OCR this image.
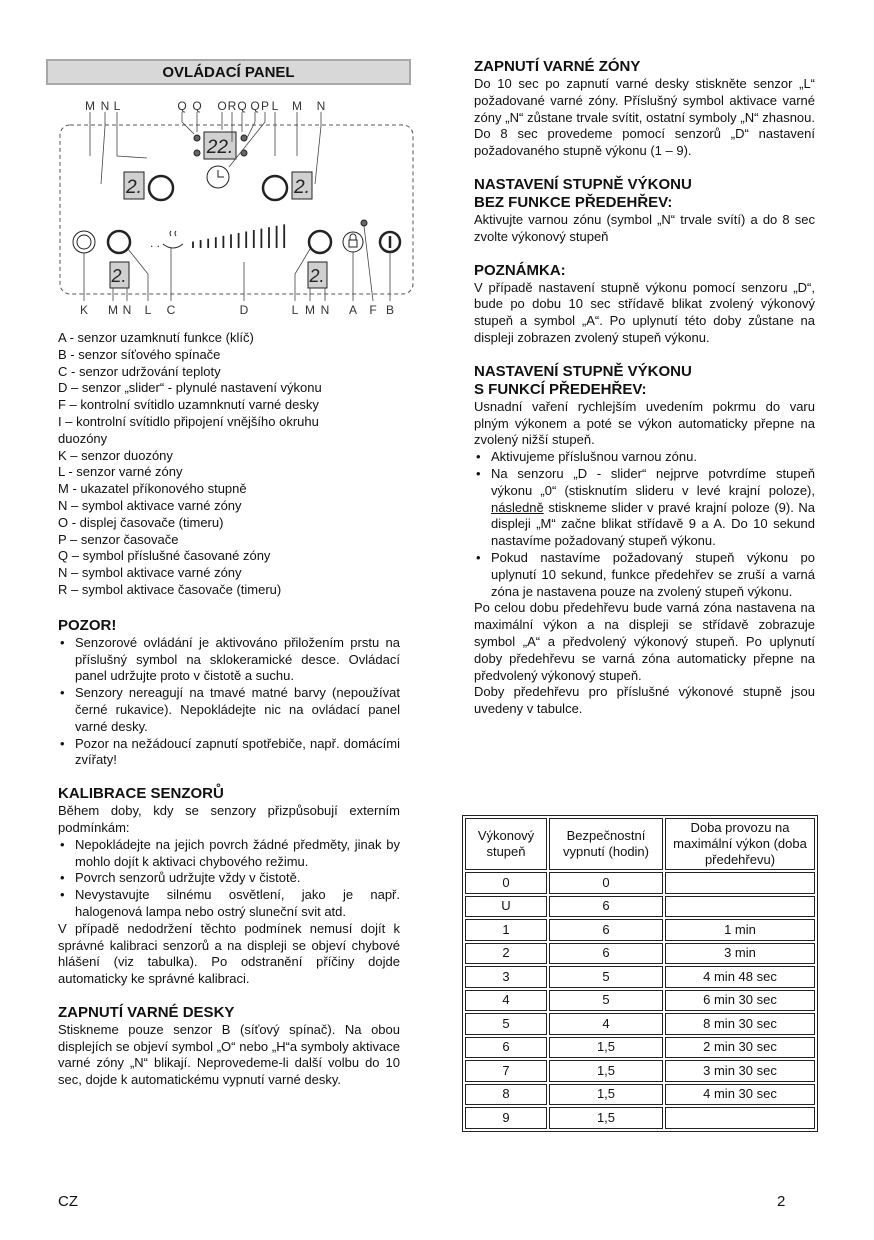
OVLÁDACÍ PANEL
M N L	Q Q O R Q Q P L M N
K M N L C	D	L M N A F B
22.
2.	2.
. .
2.	2.
A - senzor uzamknutí funkce (klíč)
B - senzor síťového spínače
C - senzor udržování teploty
D – senzor „slider“ - plynulé nastavení výkonu
F – kontrolní svítidlo uzamnknutí varné desky
I – kontrolní svítidlo připojení vnějšího okruhu duozóny
K – senzor duozóny
L - senzor varné zóny
M - ukazatel příkonového stupně
N – symbol aktivace varné zóny
O - displej časovače (timeru)
P – senzor časovače
Q – symbol příslušné časované zóny
N – symbol aktivace varné zóny
R – symbol aktivace časovače (timeru)
POZOR!
• Senzorové ovládání je aktivováno přiložením prstu na příslušný symbol na sklokeramické desce. Ovládací panel udržujte proto v čistotě a suchu.
• Senzory nereagují na tmavé matné barvy (nepoužívat černé rukavice). Nepokládejte nic na ovládací panel varné desky.
• Pozor na nežádoucí zapnutí spotřebiče, např. domácími zvířaty!
KALIBRACE SENZORŮ

Během doby, kdy se senzory přizpůsobují externím podmínkám:

• Nepokládejte na jejich povrch žádné předměty, jinak by mohlo dojít k aktivaci chybového režimu.
• Povrch senzorů udržujte vždy v čistotě.
• Nevystavujte silnému osvětlení, jako je např. halogenová lampa nebo ostrý sluneční svit atd.

V případě nedodržení těchto podmínek nemusí dojít k správné kalibraci senzorů a na displeji se objeví chybové hlášení (viz tabulka). Po odstranění příčiny dojde automaticky ke správné kalibraci.

ZAPNUTÍ VARNÉ DESKY

Stiskneme pouze senzor B (síťový spínač). Na obou displejích se objeví symbol „O“ nebo „H“a symboly aktivace varné zóny „N“ blikají. Neprovedeme-li další volbu do 10 sec, dojde k automatickému vypnutí varné desky.

ZAPNUTÍ VARNÉ ZÓNY

Do 10 sec po zapnutí varné desky stiskněte senzor „L“ požadované varné zóny. Příslušný symbol aktivace varné zóny „N“ zůstane trvale svítit, ostatní symboly „N“ zhasnou. Do 8 sec provedeme pomocí senzorů „D“ nastavení požadovaného stupně výkonu (1 – 9).

NASTAVENÍ STUPNĚ VÝKONU
BEZ FUNKCE PŘEDEHŘEV:

Aktivujte varnou zónu (symbol „N“ trvale svítí) a do 8 sec zvolte výkonový stupeň

POZNÁMKA:

V případě nastavení stupně výkonu pomocí senzoru „D“, bude po dobu 10 sec střídavě blikat zvolený výkonový stupeň a symbol „A“. Po uplynutí této doby zůstane na displeji zobrazen zvolený stupeň výkonu.

NASTAVENÍ STUPNĚ VÝKONU
S FUNKCÍ PŘEDEHŘEV:

Usnadní vaření rychlejším uvedením pokrmu do varu plným výkonem a poté se výkon automaticky přepne na zvolený nižší stupeň.

• Aktivujeme příslušnou varnou zónu.
• Na senzoru „D - slider“ nejprve potvrdíme stupeň výkonu „0“ (stisknutím slideru v levé krajní poloze), následně stiskneme slider v pravé krajní poloze (9). Na displeji „M“ začne blikat střídavě 9 a A. Do 10 sekund nastavíme požadovaný stupeň výkonu.
• Pokud nastavíme požadovaný stupeň výkonu po uplynutí 10 sekund, funkce předehřev se zruší a varná zóna je nastavena pouze na zvolený stupeň výkonu.

Po celou dobu předehřevu bude varná zóna nastavena na maximální výkon a na displeji se střídavě zobrazuje symbol „A“ a předvolený výkonový stupeň. Po uplynutí doby předehřevu se varná zóna automaticky přepne na předvolený výkonový stupeň.

Doby předehřevu pro příslušné výkonové stupně jsou uvedeny v tabulce.

Výkonový stupeň	Bezpečnostní vypnutí (hodin)	Doba provozu na maximální výkon (doba předehřevu)
0	0	
U	6	
1	6	1 min
2	6	3 min
3	5	4 min 48 sec
4	5	6 min 30 sec
5	4	8 min 30 sec
6	1,5	2 min 30 sec
7	1,5	3 min 30 sec
8	1,5	4 min 30 sec
9	1,5	
CZ	2
